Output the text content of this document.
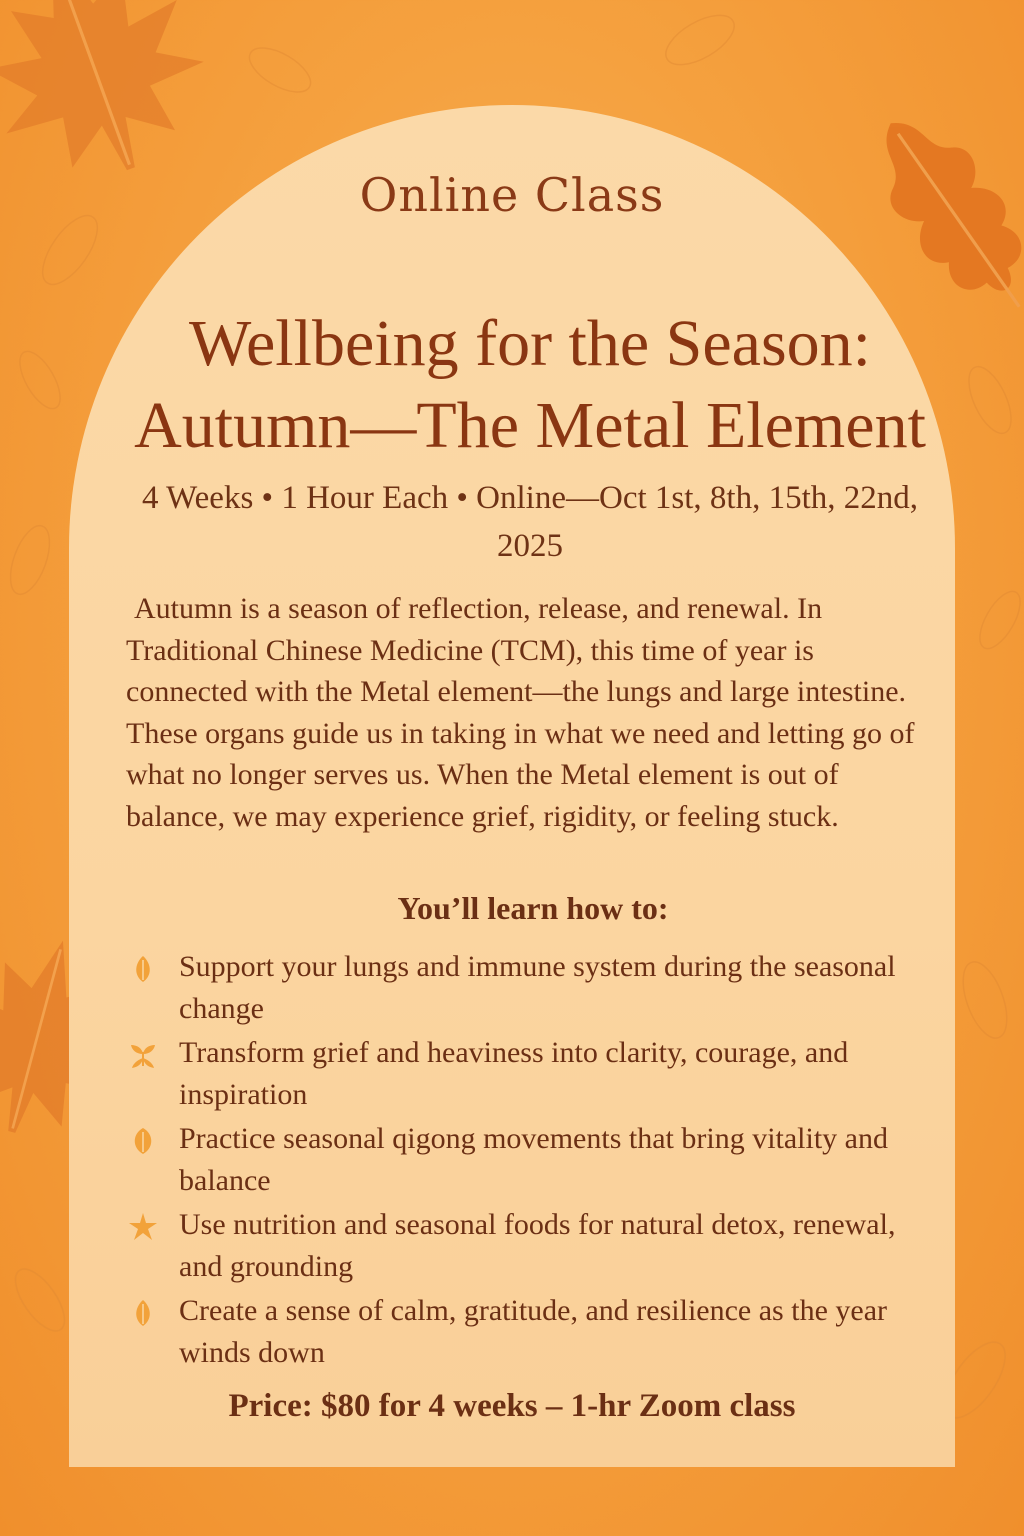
Online Class
Wellbeing for the Season:
Autumn—The Metal Element
4 Weeks • 1 Hour Each • Online—Oct 1st, 8th, 15th, 22nd, 2025

Autumn is a season of reflection, release, and renewal. In Traditional Chinese Medicine (TCM), this time of year is connected with the Metal element—the lungs and large intestine. These organs guide us in taking in what we need and letting go of what no longer serves us. When the Metal element is out of balance, we may experience grief, rigidity, or feeling stuck.

You’ll learn how to:
Support your lungs and immune system during the seasonal change
Transform grief and heaviness into clarity, courage, and inspiration
Practice seasonal qigong movements that bring vitality and balance
Use nutrition and seasonal foods for natural detox, renewal, and grounding
Create a sense of calm, gratitude, and resilience as the year winds down
Price: $80 for 4 weeks – 1-hr Zoom class
